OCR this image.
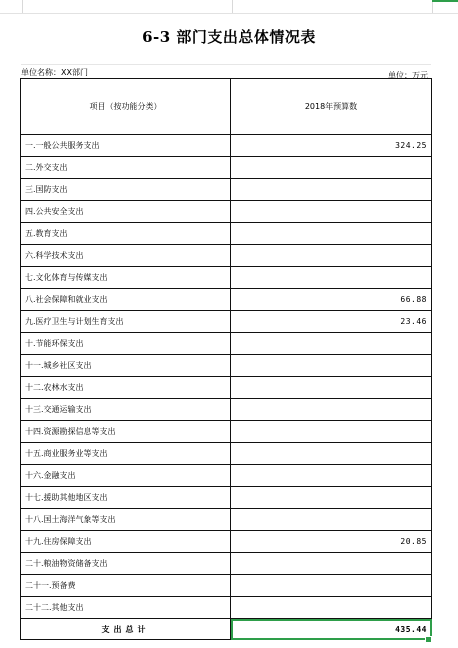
6-3 部门支出总体情况表
单位名称：XX部门	单位：万元
项目（按功能分类）	2018年预算数
一.一般公共服务支出	324.25
二.外交支出	
三.国防支出	
四.公共安全支出	
五.教育支出	
六.科学技术支出	
七.文化体育与传媒支出	
八.社会保障和就业支出	66.88
九.医疗卫生与计划生育支出	23.46
十.节能环保支出	
十一.城乡社区支出	
十二.农林水支出	
十三.交通运输支出	
十四.资源勘探信息等支出	
十五.商业服务业等支出	
十六.金融支出	
十七.援助其他地区支出	
十八.国土海洋气象等支出	
十九.住房保障支出	20.85
二十.粮油物资储备支出	
二十一.预备费	
二十二.其他支出	
支出总计	435.44
